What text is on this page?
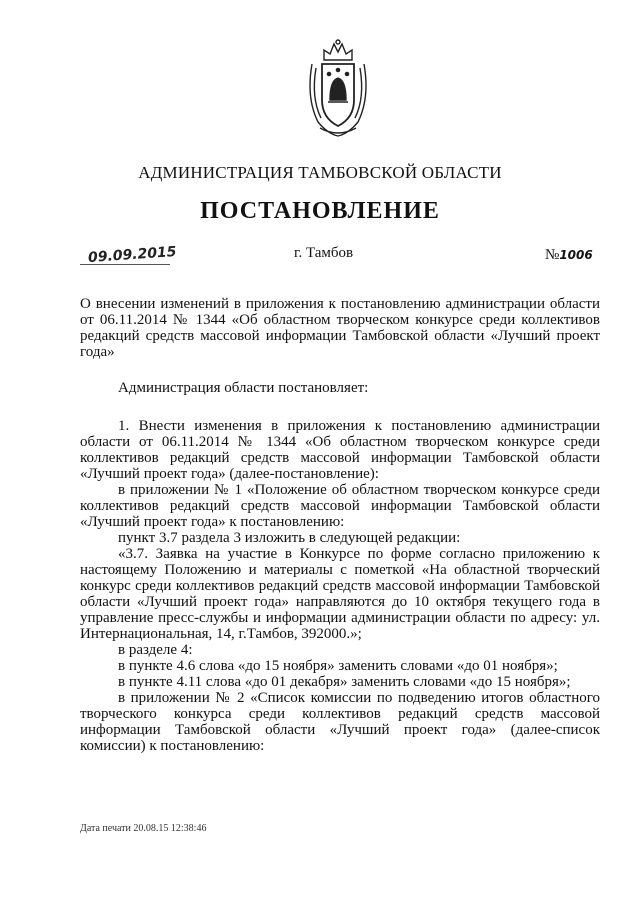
АДМИНИСТРАЦИЯ ТАМБОВСКОЙ ОБЛАСТИ
ПОСТАНОВЛЕНИЕ
09.09.2015	г. Тамбов	№1006
О внесении изменений в приложения к постановлению администрации области от 06.11.2014 № 1344 «Об областном творческом конкурсе среди коллективов редакций средств массовой информации Тамбовской области «Лучший проект года»

Администрация области постановляет:

1. Внести изменения в приложения к постановлению администрации области от 06.11.2014 № 1344 «Об областном творческом конкурсе среди коллективов редакций средств массовой информации Тамбовской области «Лучший проект года» (далее-постановление):

в приложении № 1 «Положение об областном творческом конкурсе среди коллективов редакций средств массовой информации Тамбовской области «Лучший проект года» к постановлению:

пункт 3.7 раздела 3 изложить в следующей редакции:

«3.7. Заявка на участие в Конкурсе по форме согласно приложению к настоящему Положению и материалы с пометкой «На областной творческий конкурс среди коллективов редакций средств массовой информации Тамбовской области «Лучший проект года» направляются до 10 октября текущего года в управление пресс-службы и информации администрации области по адресу: ул. Интернациональная, 14, г.Тамбов, 392000.»;

в разделе 4:

в пункте 4.6 слова «до 15 ноября» заменить словами «до 01 ноября»;

в пункте 4.11 слова «до 01 декабря» заменить словами «до 15 ноября»;

в приложении № 2 «Список комиссии по подведению итогов областного творческого конкурса среди коллективов редакций средств массовой информации Тамбовской области «Лучший проект года» (далее-список комиссии) к постановлению:

Дата печати 20.08.15 12:38:46
